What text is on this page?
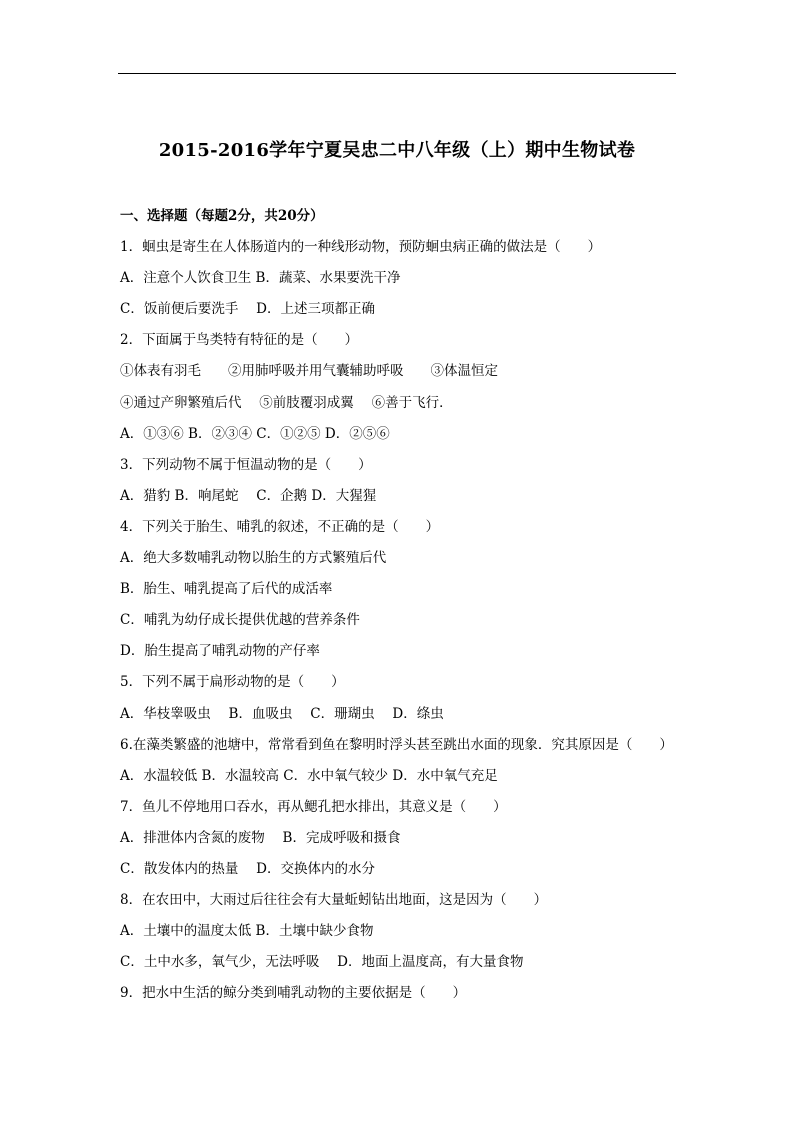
2015-2016学年宁夏吴忠二中八年级（上）期中生物试卷
一、选择题（每题2分，共20分）
1．蛔虫是寄生在人体肠道内的一种线形动物，预防蛔虫病正确的做法是（　　）
A．注意个人饮食卫生 B．蔬菜、水果要洗干净
C．饭前便后要洗手　 D．上述三项都正确
2．下面属于鸟类特有特征的是（　　）
①体表有羽毛　　②用肺呼吸并用气囊辅助呼吸　　③体温恒定
④通过产卵繁殖后代　 ⑤前肢覆羽成翼　 ⑥善于飞行．
A．①③⑥ B．②③④ C．①②⑤ D．②⑤⑥
3．下列动物不属于恒温动物的是（　　）
A．猎豹 B．响尾蛇　 C．企鹅 D．大猩猩
4．下列关于胎生、哺乳的叙述，不正确的是（　　）
A．绝大多数哺乳动物以胎生的方式繁殖后代
B．胎生、哺乳提高了后代的成活率
C．哺乳为幼仔成长提供优越的营养条件
D．胎生提高了哺乳动物的产仔率
5．下列不属于扁形动物的是（　　）
A．华枝睾吸虫　 B．血吸虫　 C．珊瑚虫　 D．绦虫
6.在藻类繁盛的池塘中，常常看到鱼在黎明时浮头甚至跳出水面的现象．究其原因是（　　）
A．水温较低 B．水温较高 C．水中氧气较少 D．水中氧气充足
7．鱼儿不停地用口吞水，再从鳃孔把水排出，其意义是（　　）
A．排泄体内含氮的废物　 B．完成呼吸和摄食
C．散发体内的热量　 D．交换体内的水分
8．在农田中，大雨过后往往会有大量蚯蚓钻出地面，这是因为（　　）
A．土壤中的温度太低 B．土壤中缺少食物
C．土中水多，氧气少，无法呼吸　 D．地面上温度高，有大量食物
9．把水中生活的鲸分类到哺乳动物的主要依据是（　　）
